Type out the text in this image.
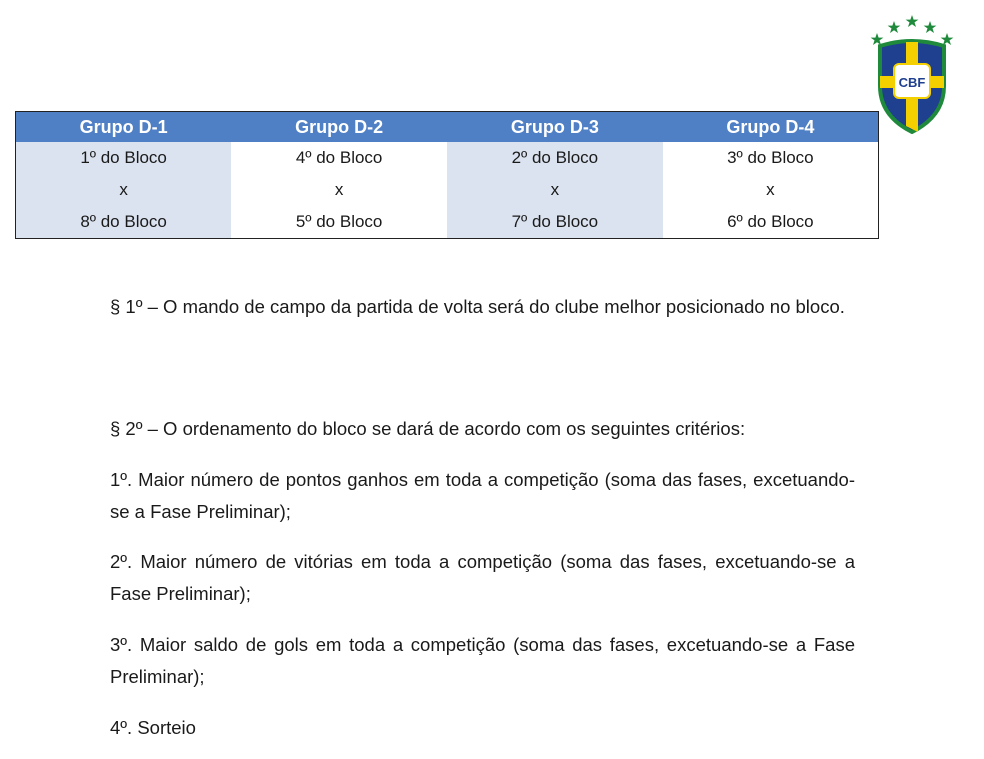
CBF
Grupo D-1	Grupo D-2	Grupo D-3	Grupo D-4
1º do Bloco	4º do Bloco	2º do Bloco	3º do Bloco
x	x	x	x
8º do Bloco	5º do Bloco	7º do Bloco	6º do Bloco

§ 1º – O mando de campo da partida de volta será do clube melhor posicionado no bloco.

§ 2º – O ordenamento do bloco se dará de acordo com os seguintes critérios:

1º. Maior número de pontos ganhos em toda a competição (soma das fases, excetuando-se a Fase Preliminar);

2º. Maior número de vitórias em toda a competição (soma das fases, excetuando-se a Fase Preliminar);

3º. Maior saldo de gols em toda a competição (soma das fases, excetuando-se a Fase Preliminar);

4º. Sorteio
